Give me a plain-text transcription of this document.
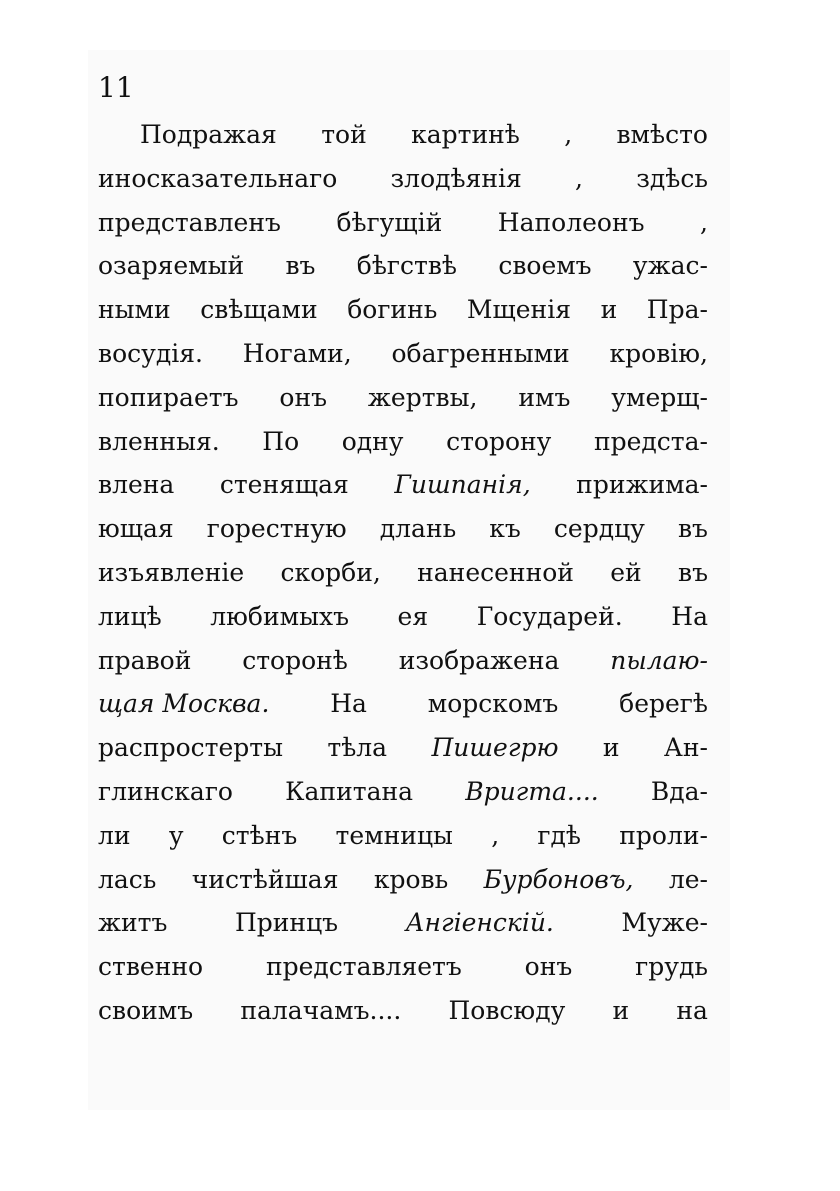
11
Подражая той картинѣ , вмѣсто
иносказательнаго злодѣянія , здѣсь
представленъ бѣгущій Наполеонъ ,
озаряемый въ бѣгствѣ своемъ ужас-
ными свѣщами богинь Мщенія и Пра-
восудія. Ногами, обагренными кровію,
попираетъ онъ жертвы, имъ умерщ-
вленныя. По одну сторону предста-
влена стенящая Гишпанія, прижима-
ющая горестную длань къ сердцу въ
изъявленіе скорби, нанесенной ей въ
лицѣ любимыхъ ея Государей. На
правой сторонѣ изображена пылаю-
щая Москва. На морскомъ берегѣ
распростерты тѣла Пишегрю и Ан-
глинскаго Капитана Вригта.... Вда-
ли у стѣнъ темницы , гдѣ проли-
лась чистѣйшая кровь Бурбоновъ, ле-
житъ	Принцъ	Ангіенскій.	Муже-
ственно	представляетъ	онъ	грудь
своимъ палачамъ.... Повсюду и на
